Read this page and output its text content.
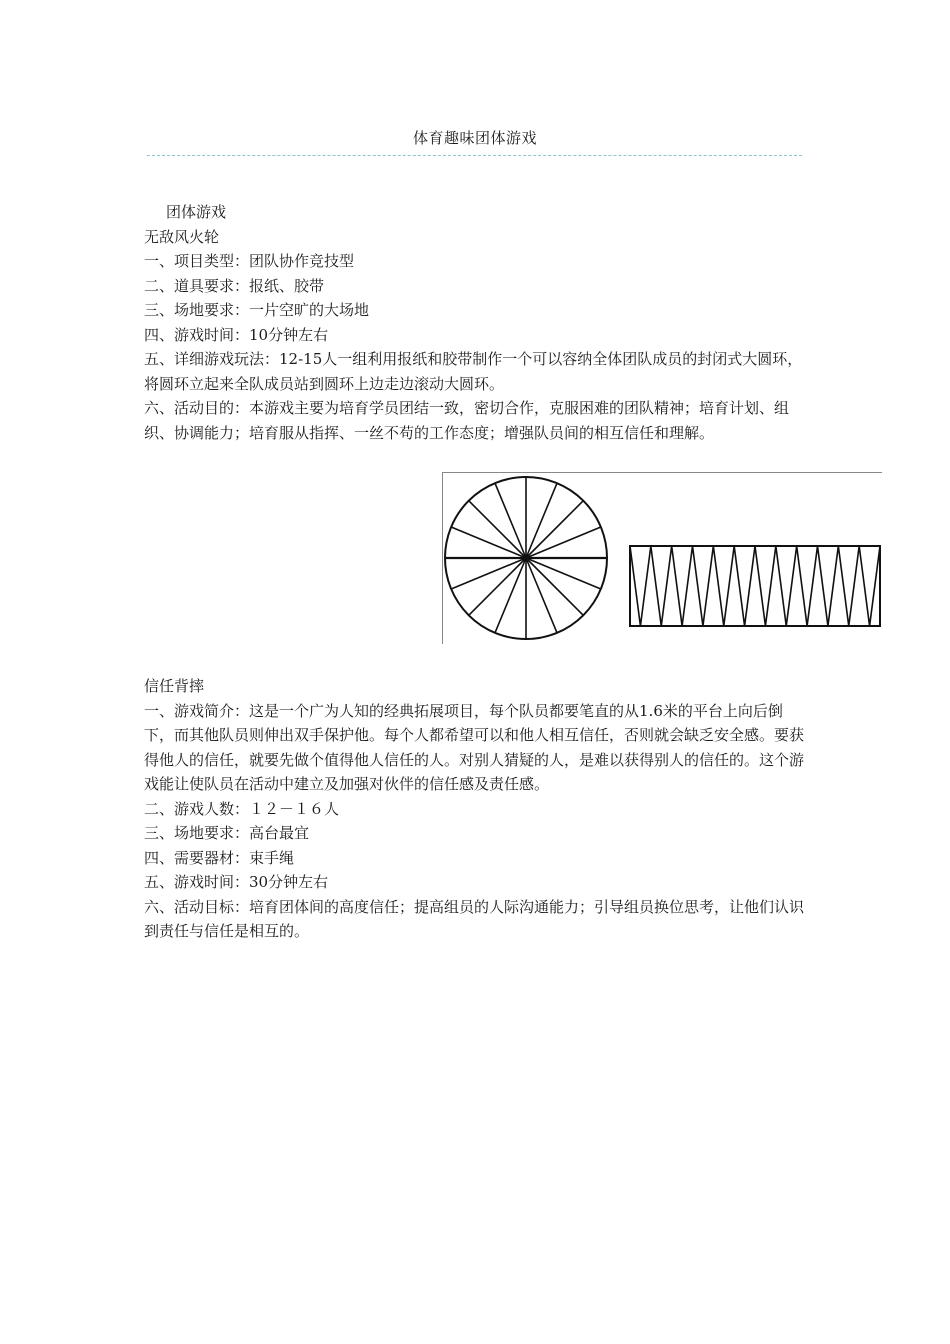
体育趣味团体游戏

团体游戏

无敌风火轮

一、项目类型：团队协作竞技型

二、道具要求：报纸、胶带

三、场地要求：一片空旷的大场地

四、游戏时间：10分钟左右

五、详细游戏玩法：12-15人一组利用报纸和胶带制作一个可以容纳全体团队成员的封闭式大圆环，将圆环立起来全队成员站到圆环上边走边滚动大圆环。

六、活动目的：本游戏主要为培育学员团结一致，密切合作，克服困难的团队精神；培育计划、组织、协调能力；培育服从指挥、一丝不苟的工作态度；增强队员间的相互信任和理解。

信任背摔

一、游戏简介：这是一个广为人知的经典拓展项目，每个队员都要笔直的从1.6米的平台上向后倒下，而其他队员则伸出双手保护他。每个人都希望可以和他人相互信任，否则就会缺乏安全感。要获得他人的信任，就要先做个值得他人信任的人。对别人猜疑的人，是难以获得别人的信任的。这个游戏能让使队员在活动中建立及加强对伙伴的信任感及责任感。

二、游戏人数：１２－１６人

三、场地要求：高台最宜

四、需要器材：束手绳

五、游戏时间：30分钟左右

六、活动目标：培育团体间的高度信任；提高组员的人际沟通能力；引导组员换位思考，让他们认识到责任与信任是相互的。
